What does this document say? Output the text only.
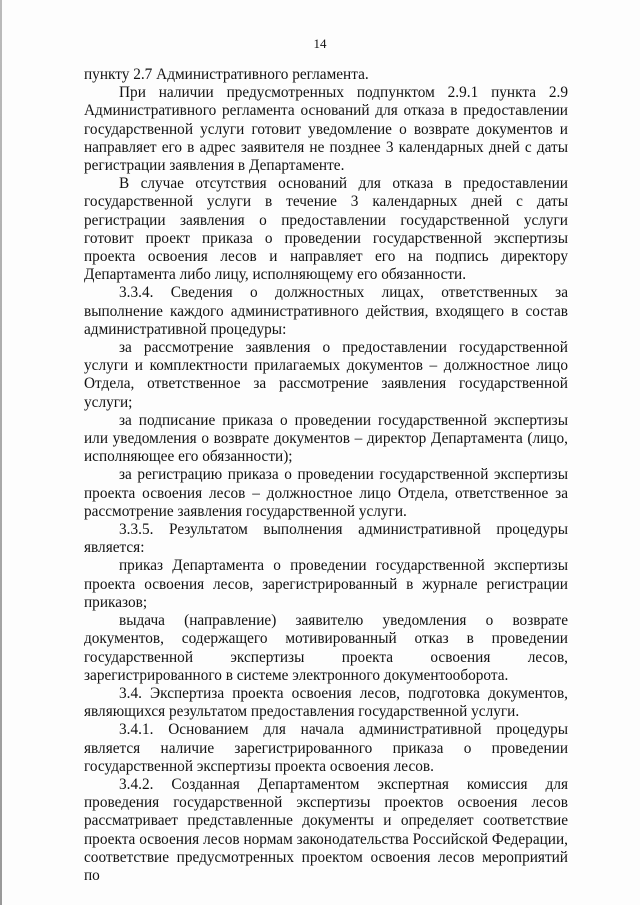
14

пункту 2.7 Административного регламента.

При наличии предусмотренных подпунктом 2.9.1 пункта 2.9 Административного регламента оснований для отказа в предоставлении государственной услуги готовит уведомление о возврате документов и направляет его в адрес заявителя не позднее 3 календарных дней с даты регистрации заявления в Департаменте.

В случае отсутствия оснований для отказа в предоставлении государственной услуги в течение 3 календарных дней с даты регистрации заявления о предоставлении государственной услуги готовит проект приказа о проведении государственной экспертизы проекта освоения лесов и направляет его на подпись директору Департамента либо лицу, исполняющему его обязанности.

3.3.4. Сведения о должностных лицах, ответственных за выполнение каждого административного действия, входящего в состав административной процедуры:

за рассмотрение заявления о предоставлении государственной услуги и комплектности прилагаемых документов – должностное лицо Отдела, ответственное за рассмотрение заявления государственной услуги;

за подписание приказа о проведении государственной экспертизы или уведомления о возврате документов – директор Департамента (лицо, исполняющее его обязанности);

за регистрацию приказа о проведении государственной экспертизы проекта освоения лесов – должностное лицо Отдела, ответственное за рассмотрение заявления государственной услуги.

3.3.5. Результатом выполнения административной процедуры является:

приказ Департамента о проведении государственной экспертизы проекта освоения лесов, зарегистрированный в журнале регистрации приказов;

выдача (направление) заявителю уведомления о возврате документов, содержащего мотивированный отказ в проведении государственной экспертизы проекта освоения лесов, зарегистрированного в системе электронного документооборота.

3.4. Экспертиза проекта освоения лесов, подготовка документов, являющихся результатом предоставления государственной услуги.

3.4.1. Основанием для начала административной процедуры является наличие зарегистрированного приказа о проведении государственной экспертизы проекта освоения лесов.

3.4.2. Созданная Департаментом экспертная комиссия для проведения государственной экспертизы проектов освоения лесов рассматривает представленные документы и определяет соответствие проекта освоения лесов нормам законодательства Российской Федерации, соответствие предусмотренных проектом освоения лесов мероприятий по
